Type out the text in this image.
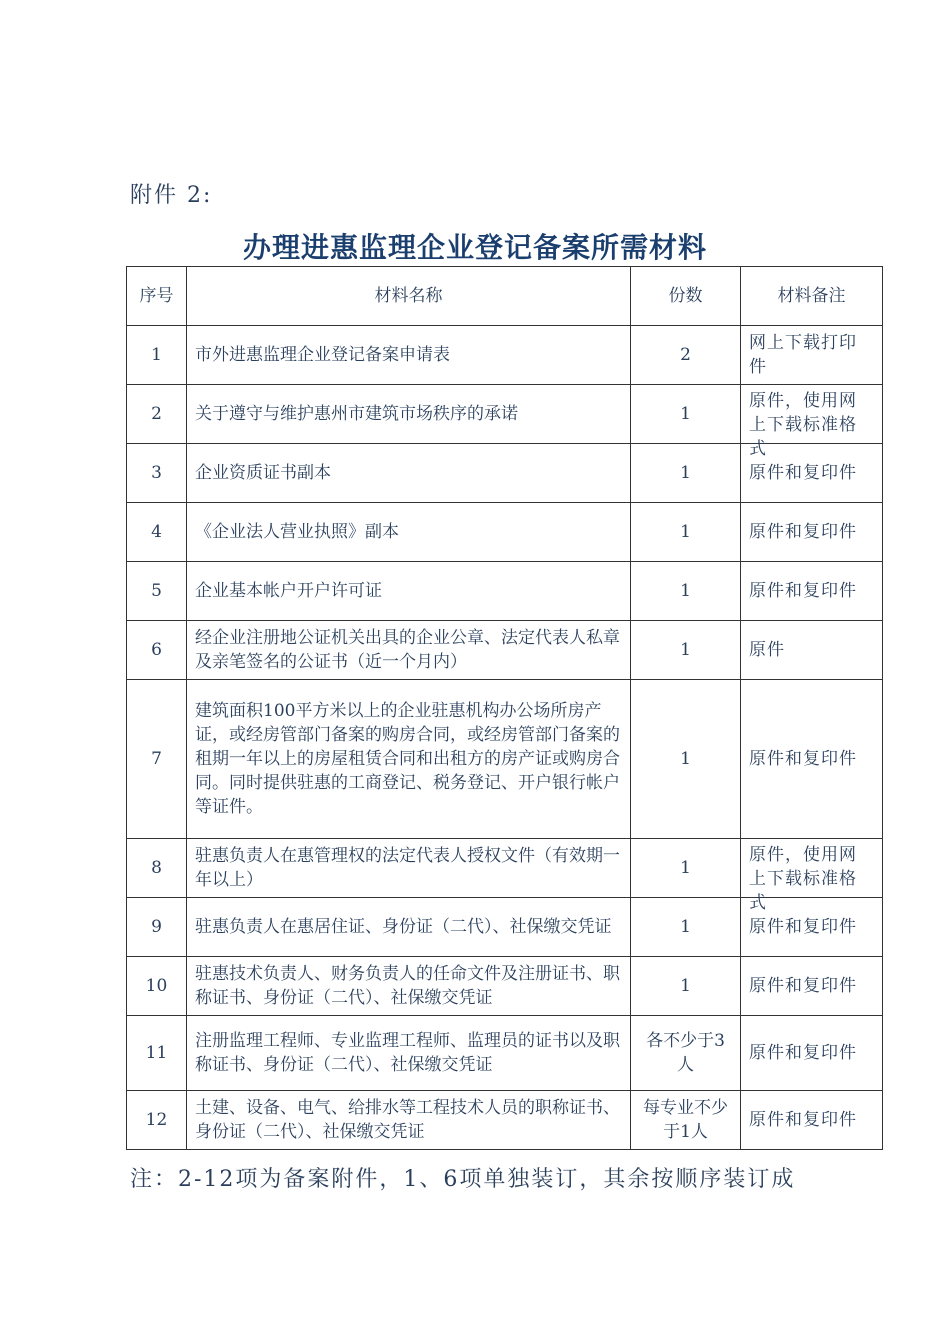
附件 2:
办理进惠监理企业登记备案所需材料
序号	材料名称	份数	材料备注
1	市外进惠监理企业登记备案申请表	2	网上下载打印件

2	关于遵守与维护惠州市建筑市场秩序的承诺	1	原件，使用网上下载标准格式

3	企业资质证书副本	1	原件和复印件

4	《企业法人营业执照》副本	1	原件和复印件

5	企业基本帐户开户许可证	1	原件和复印件

6	经企业注册地公证机关出具的企业公章、法定代表人私章及亲笔签名的公证书（近一个月内）	1	原件

7	建筑面积100平方米以上的企业驻惠机构办公场所房产证，或经房管部门备案的购房合同，或经房管部门备案的租期一年以上的房屋租赁合同和出租方的房产证或购房合同。同时提供驻惠的工商登记、税务登记、开户银行帐户等证件。	1	原件和复印件

8	驻惠负责人在惠管理权的法定代表人授权文件（有效期一年以上）	1	原件，使用网上下载标准格式

9	驻惠负责人在惠居住证、身份证（二代）、社保缴交凭证	1	原件和复印件

10	驻惠技术负责人、财务负责人的任命文件及注册证书、职称证书、身份证（二代）、社保缴交凭证	1	原件和复印件

11	注册监理工程师、专业监理工程师、监理员的证书以及职称证书、身份证（二代）、社保缴交凭证	各不少于3人	原件和复印件

12	土建、设备、电气、给排水等工程技术人员的职称证书、身份证（二代）、社保缴交凭证	每专业不少于1人	原件和复印件
注：2-12项为备案附件，1、6项单独装订，其余按顺序装订成
